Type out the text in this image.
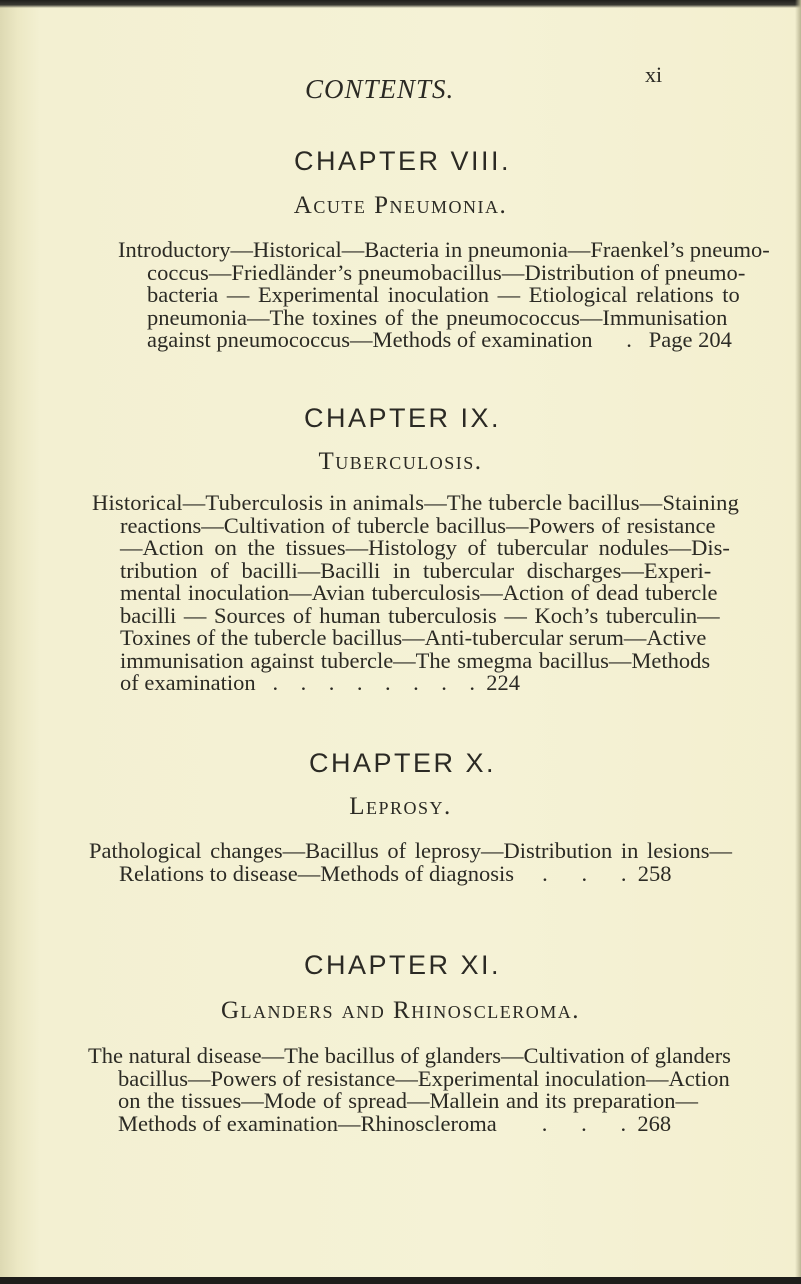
CONTENTS.	xi
CHAPTER VIII.
Acute Pneumonia.
Introductory—Historical—Bacteria in pneumonia—Fraenkel’s pneumo-
coccus—Friedländer’s pneumobacillus—Distribution of pneumo-
bacteria — Experimental inoculation — Etiological relations to
pneumonia—The toxines of the pneumococcus—Immunisation
against pneumococcus—Methods of examination      .   Page 204
CHAPTER IX.
Tuberculosis.
Historical—Tuberculosis in animals—The tubercle bacillus—Staining
reactions—Cultivation of tubercle bacillus—Powers of resistance
—Action on the tissues—Histology of tubercular nodules—Dis-
tribution of bacilli—Bacilli in tubercular discharges—Experi-
mental inoculation—Avian tuberculosis—Action of dead tubercle
bacilli — Sources of human tuberculosis — Koch’s tuberculin—
Toxines of the tubercle bacillus—Anti-tubercular serum—Active
immunisation against tubercle—The smegma bacillus—Methods
of examination   .    .    .    .    .    .    .    .  224
CHAPTER X.
Leprosy.
Pathological changes—Bacillus of leprosy—Distribution in lesions—
Relations to disease—Methods of diagnosis     .      .      .  258
CHAPTER XI.
Glanders and Rhinoscleroma.
The natural disease—The bacillus of glanders—Cultivation of glanders
bacillus—Powers of resistance—Experimental inoculation—Action
on the tissues—Mode of spread—Mallein and its preparation—
Methods of examination—Rhinoscleroma        .      .      .  268
